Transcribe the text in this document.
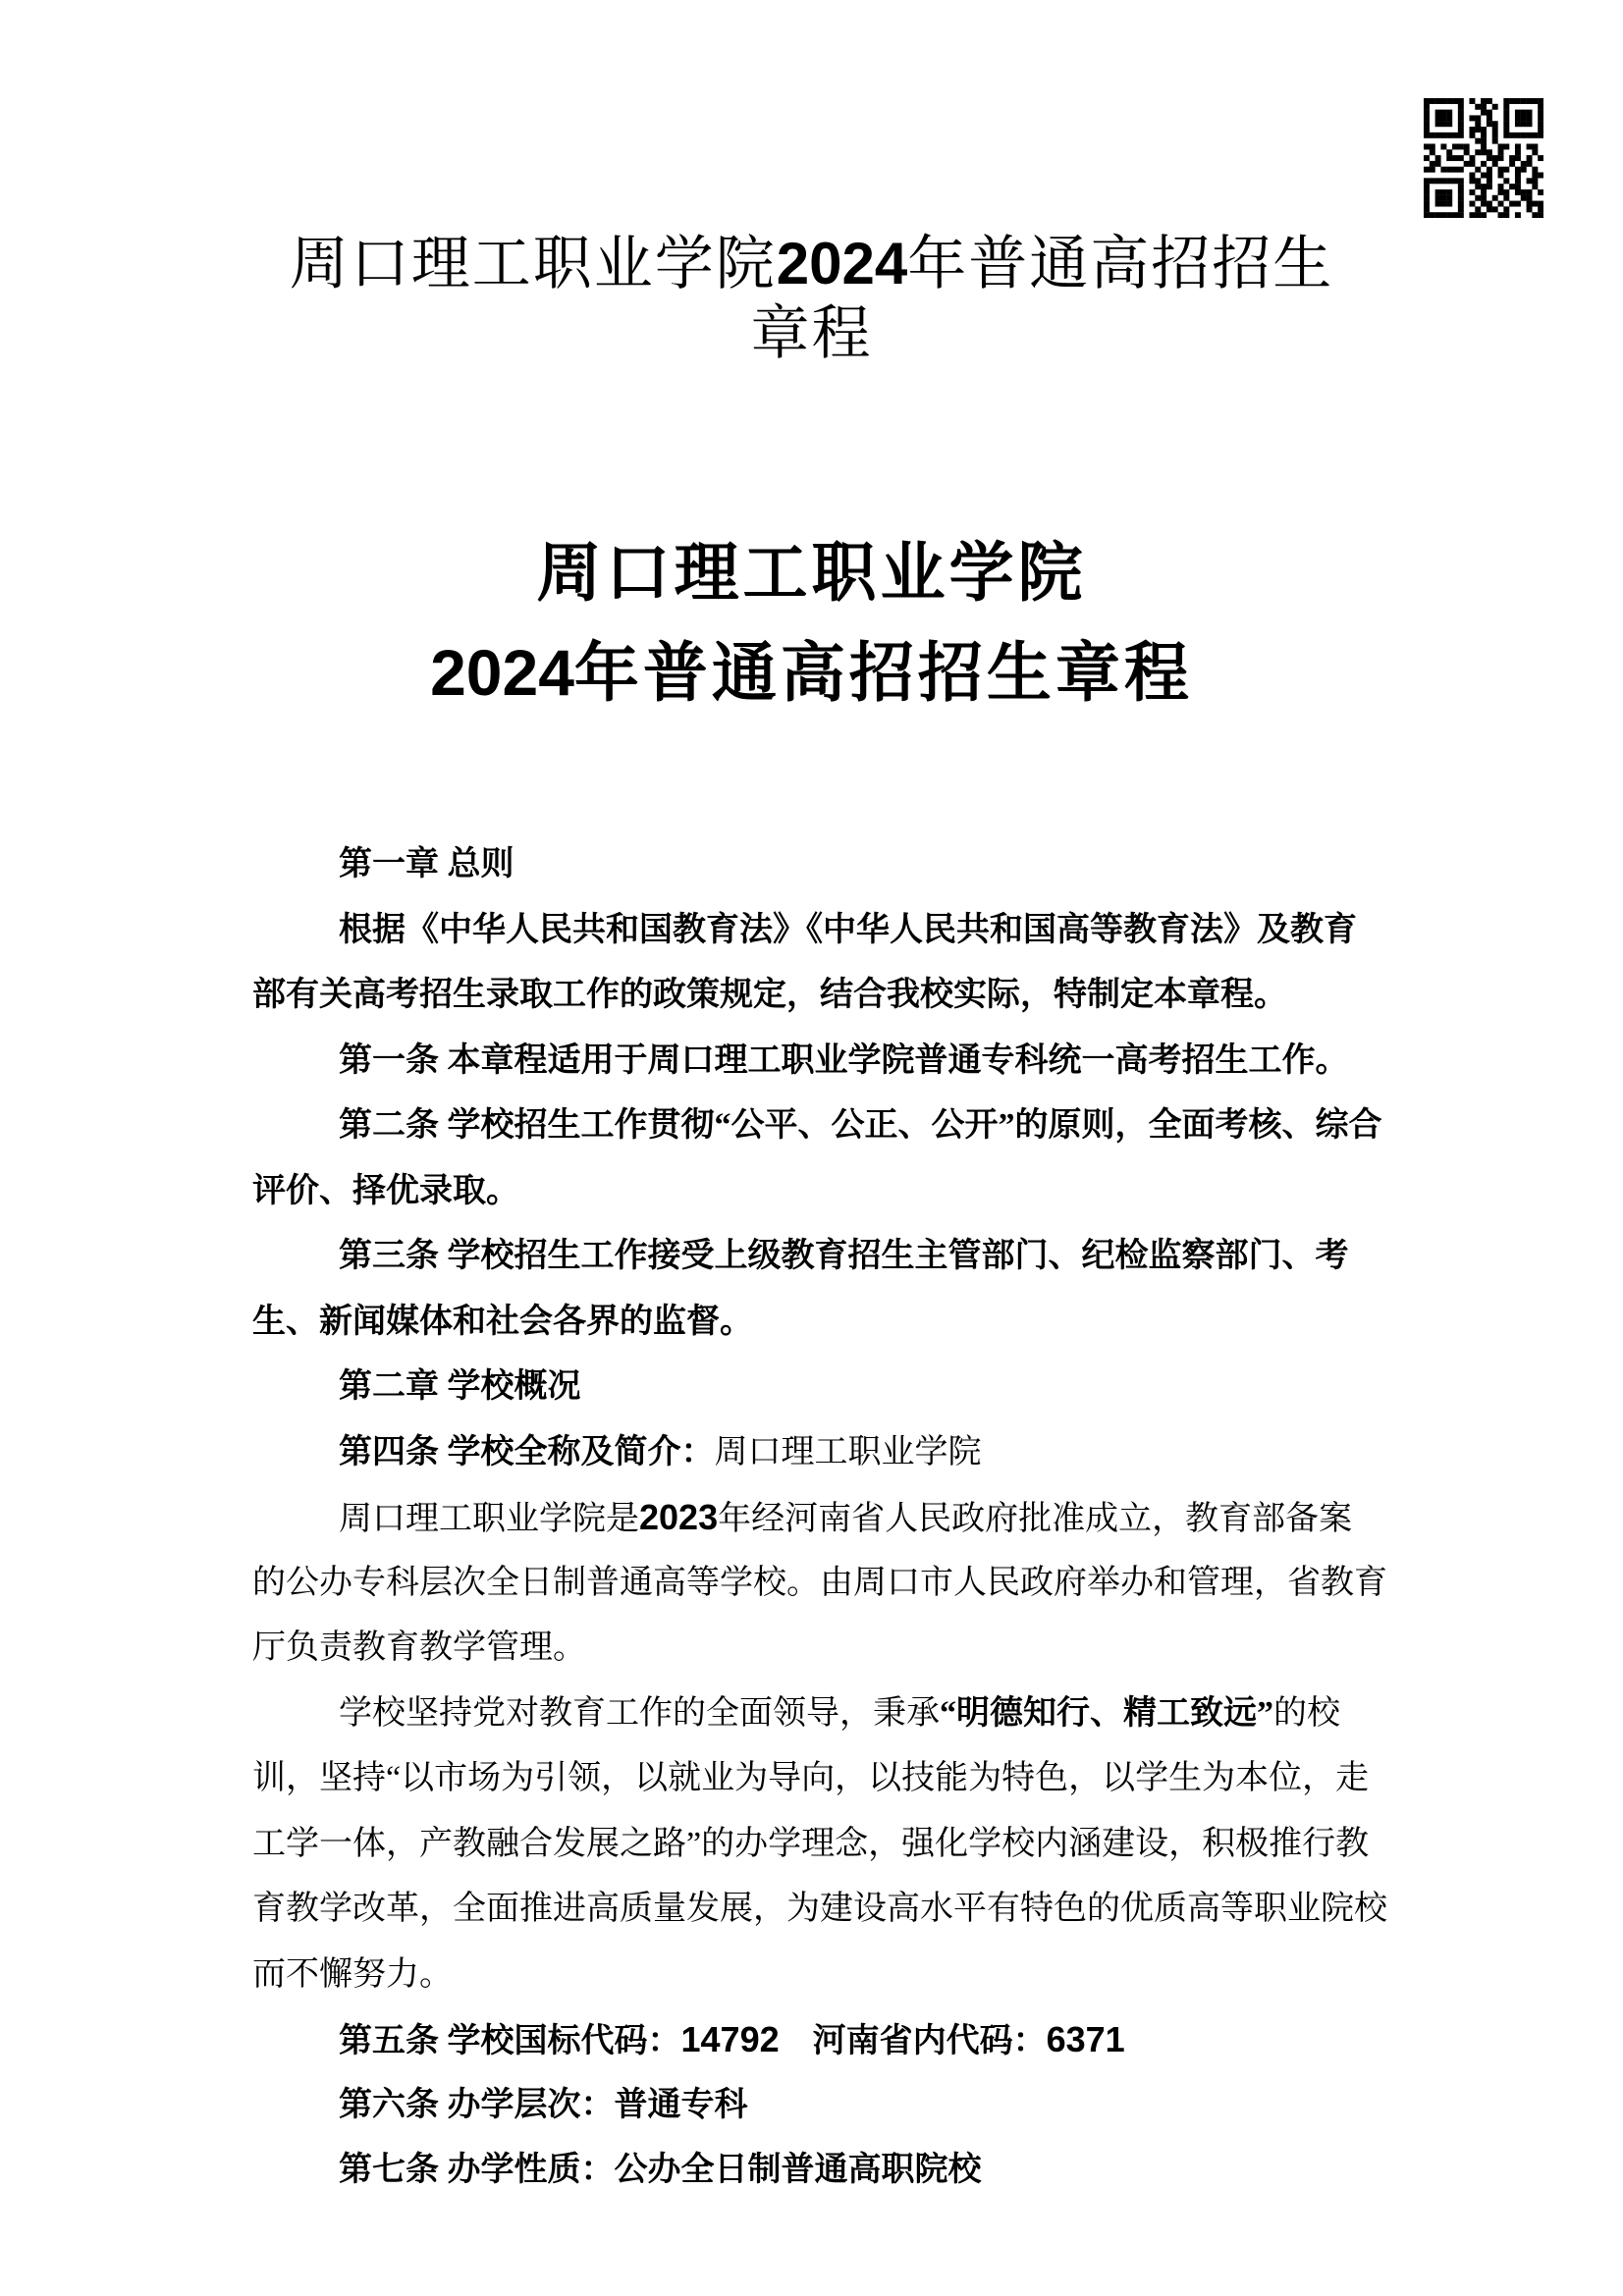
周口理工职业学院2024年普通高招招生
章程
周口理工职业学院
2024年普通高招招生章程
第一章 总则
根据《中华人民共和国教育法》《中华人民共和国高等教育法》及教育
部有关高考招生录取工作的政策规定，结合我校实际，特制定本章程。
第一条 本章程适用于周口理工职业学院普通专科统一高考招生工作。
第二条 学校招生工作贯彻“公平、公正、公开”的原则，全面考核、综合
评价、择优录取。
第三条 学校招生工作接受上级教育招生主管部门、纪检监察部门、考
生、新闻媒体和社会各界的监督。
第二章 学校概况
第四条 学校全称及简介：周口理工职业学院
周口理工职业学院是2023年经河南省人民政府批准成立，教育部备案
的公办专科层次全日制普通高等学校。由周口市人民政府举办和管理，省教育
厅负责教育教学管理。
学校坚持党对教育工作的全面领导，秉承“明德知行、精工致远”的校
训，坚持“以市场为引领，以就业为导向，以技能为特色，以学生为本位，走
工学一体，产教融合发展之路”的办学理念，强化学校内涵建设，积极推行教
育教学改革，全面推进高质量发展，为建设高水平有特色的优质高等职业院校
而不懈努力。
第五条 学校国标代码：14792　河南省内代码：6371
第六条 办学层次：普通专科
第七条 办学性质：公办全日制普通高职院校
